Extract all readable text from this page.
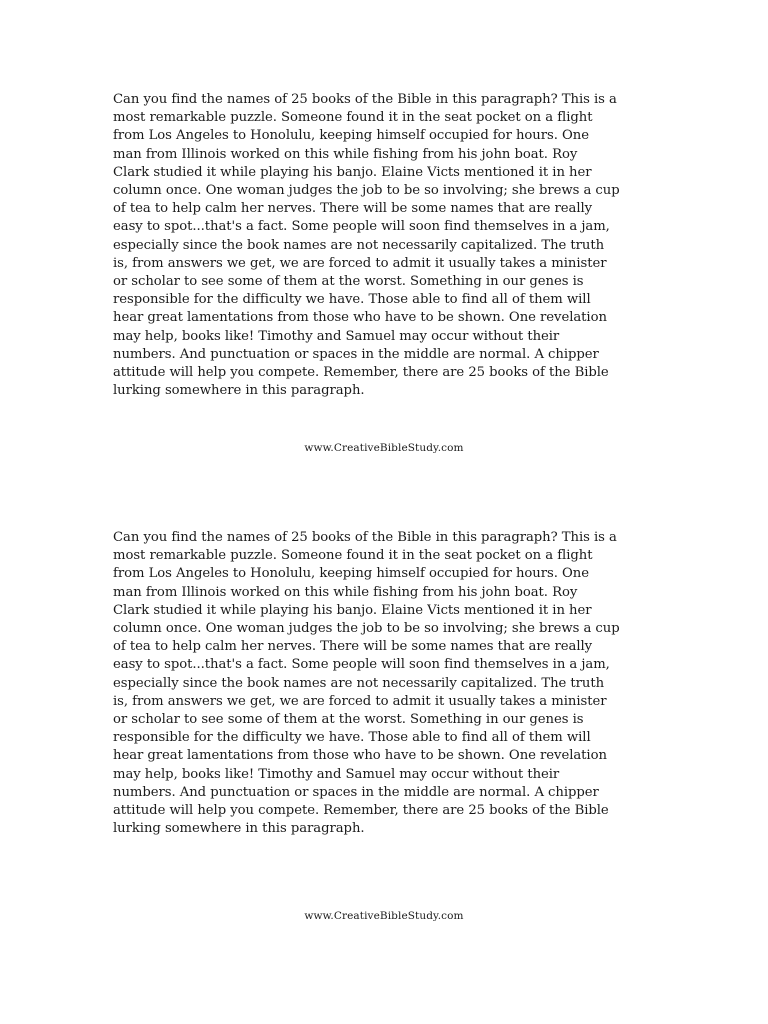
Can you find the names of 25 books of the Bible in this paragraph? This is a
most remarkable puzzle. Someone found it in the seat pocket on a flight
from Los Angeles to Honolulu, keeping himself occupied for hours. One
man from Illinois worked on this while fishing from his john boat. Roy
Clark studied it while playing his banjo. Elaine Victs mentioned it in her
column once. One woman judges the job to be so involving; she brews a cup
of tea to help calm her nerves. There will be some names that are really
easy to spot...that's a fact. Some people will soon find themselves in a jam,
especially since the book names are not necessarily capitalized. The truth
is, from answers we get, we are forced to admit it usually takes a minister
or scholar to see some of them at the worst. Something in our genes is
responsible for the difficulty we have. Those able to find all of them will
hear great lamentations from those who have to be shown. One revelation
may help, books like! Timothy and Samuel may occur without their
numbers. And punctuation or spaces in the middle are normal. A chipper
attitude will help you compete. Remember, there are 25 books of the Bible
lurking somewhere in this paragraph.
www.CreativeBibleStudy.com
Can you find the names of 25 books of the Bible in this paragraph? This is a
most remarkable puzzle. Someone found it in the seat pocket on a flight
from Los Angeles to Honolulu, keeping himself occupied for hours. One
man from Illinois worked on this while fishing from his john boat. Roy
Clark studied it while playing his banjo. Elaine Victs mentioned it in her
column once. One woman judges the job to be so involving; she brews a cup
of tea to help calm her nerves. There will be some names that are really
easy to spot...that's a fact. Some people will soon find themselves in a jam,
especially since the book names are not necessarily capitalized. The truth
is, from answers we get, we are forced to admit it usually takes a minister
or scholar to see some of them at the worst. Something in our genes is
responsible for the difficulty we have. Those able to find all of them will
hear great lamentations from those who have to be shown. One revelation
may help, books like! Timothy and Samuel may occur without their
numbers. And punctuation or spaces in the middle are normal. A chipper
attitude will help you compete. Remember, there are 25 books of the Bible
lurking somewhere in this paragraph.
www.CreativeBibleStudy.com
